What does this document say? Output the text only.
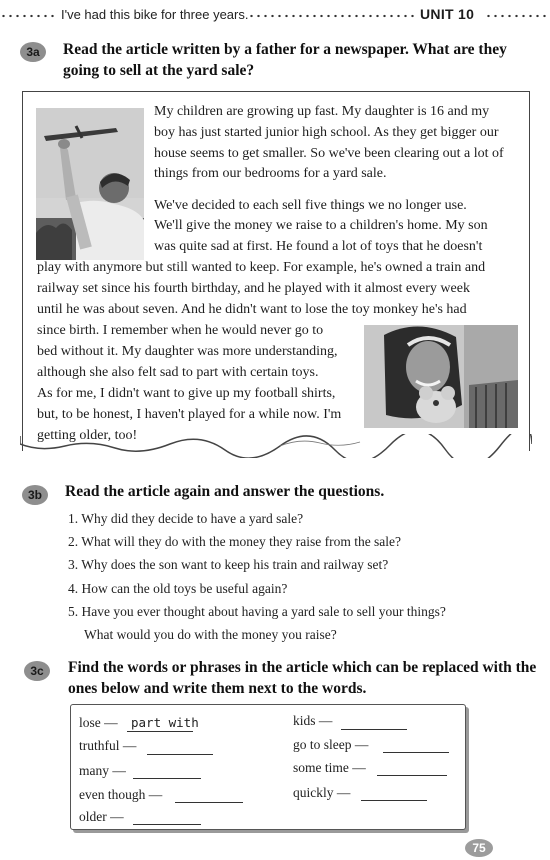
I've had this bike for three years.	UNIT 10
3a	Read the article written by a father for a newspaper. What are they
going to sell at the yard sale?
My children are growing up fast. My daughter is 16 and my
boy has just started junior high school. As they get bigger our
house seems to get smaller. So we've been clearing out a lot of
things from our bedrooms for a yard sale.
We've decided to each sell five things we no longer use.
We'll give the money we raise to a children's home. My son
was quite sad at first. He found a lot of toys that he doesn't
play with anymore but still wanted to keep. For example, he's owned a train and
railway set since his fourth birthday, and he played with it almost every week
until he was about seven. And he didn't want to lose the toy monkey he's had
since birth. I remember when he would never go to
bed without it. My daughter was more understanding,
although she also felt sad to part with certain toys.
As for me, I didn't want to give up my football shirts,
but, to be honest, I haven't played for a while now. I'm
getting older, too!
3b	Read the article again and answer the questions.
1. Why did they decide to have a yard sale?
2. What will they do with the money they raise from the sale?
3. Why does the son want to keep his train and railway set?
4. How can the old toys be useful again?
5. Have you ever thought about having a yard sale to sell your things?
What would you do with the money you raise?
3c	Find the words or phrases in the article which can be replaced with the
ones below and write them next to the words.
lose — part with
truthful —
many —
even though —
older —
kids —
go to sleep —
some time —
quickly —
75
